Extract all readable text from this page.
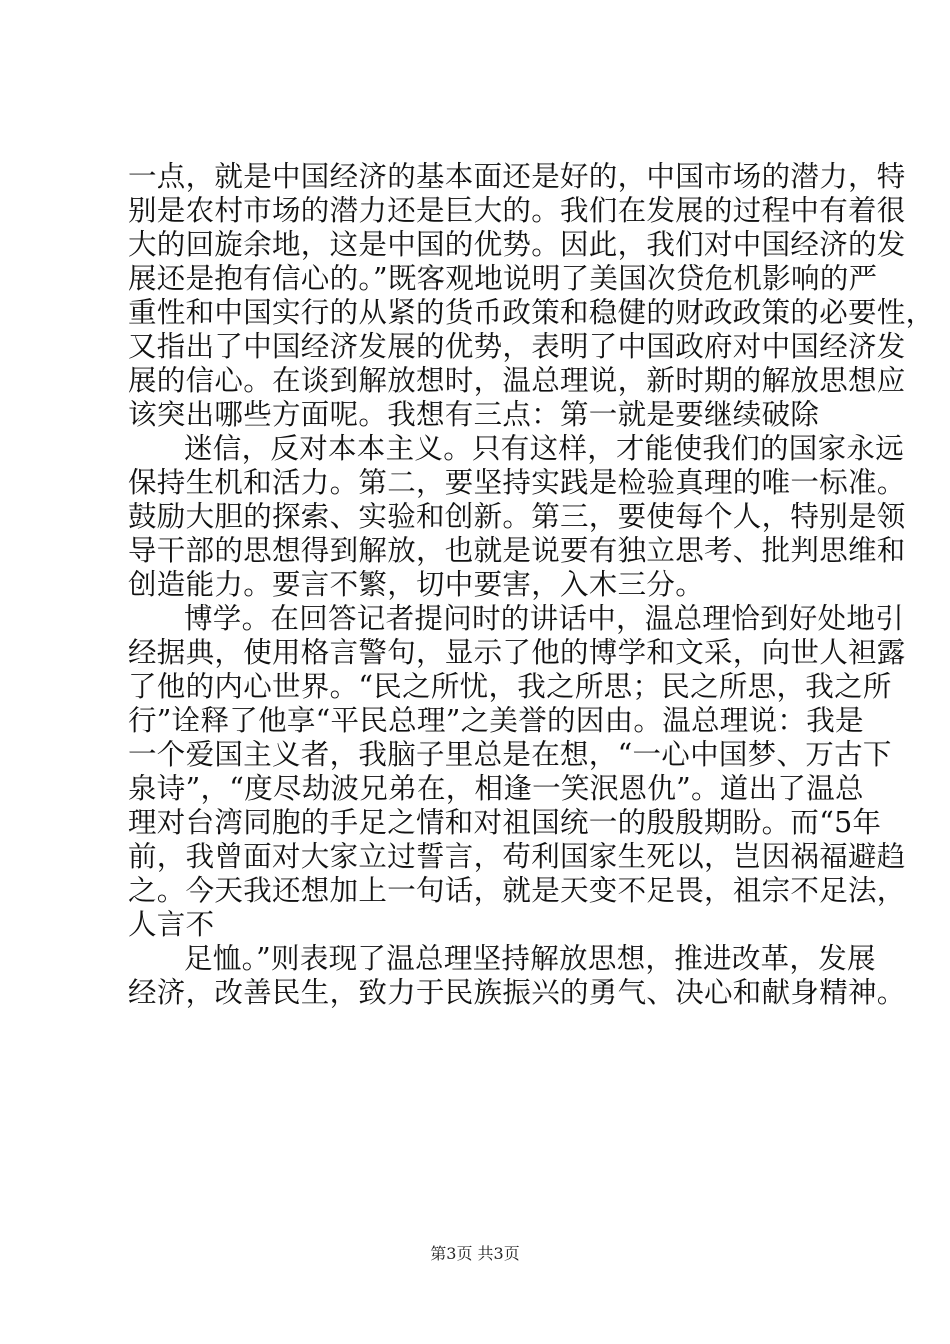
一点，就是中国经济的基本面还是好的，中国市场的潜力，特
别是农村市场的潜力还是巨大的。我们在发展的过程中有着很
大的回旋余地，这是中国的优势。因此，我们对中国经济的发
展还是抱有信心的。”既客观地说明了美国次贷危机影响的严
重性和中国实行的从紧的货币政策和稳健的财政政策的必要性，
又指出了中国经济发展的优势，表明了中国政府对中国经济发
展的信心。在谈到解放想时，温总理说，新时期的解放思想应
该突出哪些方面呢。我想有三点：第一就是要继续破除
迷信，反对本本主义。只有这样，才能使我们的国家永远
保持生机和活力。第二，要坚持实践是检验真理的唯一标准。
鼓励大胆的探索、实验和创新。第三，要使每个人，特别是领
导干部的思想得到解放，也就是说要有独立思考、批判思维和
创造能力。要言不繁，切中要害，入木三分。
博学。在回答记者提问时的讲话中，温总理恰到好处地引
经据典，使用格言警句，显示了他的博学和文采，向世人袒露
了他的内心世界。“民之所忧，我之所思；民之所思，我之所
行”诠释了他享“平民总理”之美誉的因由。温总理说：我是
一个爱国主义者，我脑子里总是在想，“一心中国梦、万古下
泉诗”，“度尽劫波兄弟在，相逢一笑泯恩仇”。道出了温总
理对台湾同胞的手足之情和对祖国统一的殷殷期盼。而“5年
前，我曾面对大家立过誓言，苟利国家生死以，岂因祸福避趋
之。今天我还想加上一句话，就是天变不足畏，祖宗不足法，
人言不
足恤。”则表现了温总理坚持解放思想，推进改革，发展
经济，改善民生，致力于民族振兴的勇气、决心和献身精神。
第3页 共3页
